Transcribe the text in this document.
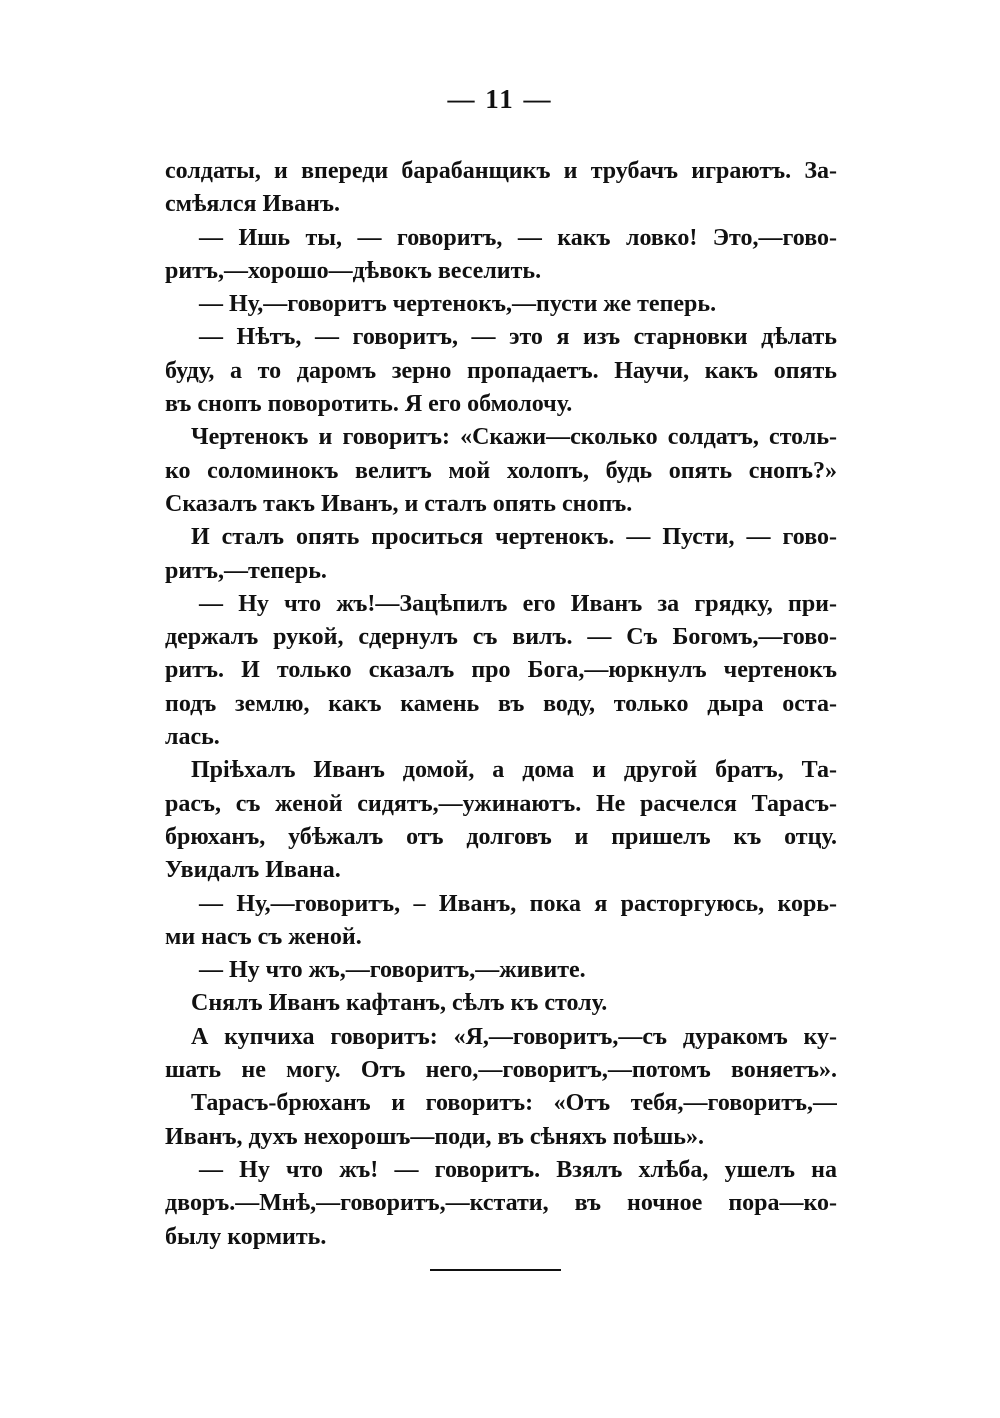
— 11 —
солдаты, и впереди барабанщикъ и трубачъ играютъ. За-
смѣялся Иванъ.
— Ишь ты, — говоритъ, — какъ ловко! Это,—гово-
ритъ,—хорошо—дѣвокъ веселить.
— Ну,—говоритъ чертенокъ,—пусти же теперь.
— Нѣтъ, — говоритъ, — это я изъ старновки дѣлать
буду, а то даромъ зерно пропадаетъ. Научи, какъ опять
въ снопъ поворотить. Я его обмолочу.
Чертенокъ и говоритъ: «Скажи—сколько солдатъ, столь-
ко соломинокъ велитъ мой холопъ, будь опять снопъ?»
Сказалъ такъ Иванъ, и сталъ опять снопъ.
И сталъ опять проситься чертенокъ. — Пусти, — гово-
ритъ,—теперь.
— Ну что жъ!—Зацѣпилъ его Иванъ за грядку, при-
держалъ рукой, сдернулъ съ вилъ. — Съ Богомъ,—гово-
ритъ. И только сказалъ про Бога,—юркнулъ чертенокъ
подъ землю, какъ камень въ воду, только дыра оста-
лась.
Пріѣхалъ Иванъ домой, а дома и другой братъ, Та-
расъ, съ женой сидятъ,—ужинаютъ. Не расчелся Тарасъ-
брюханъ, убѣжалъ отъ долговъ и пришелъ къ отцу.
Увидалъ Ивана.
— Ну,—говоритъ, – Иванъ, пока я расторгуюсь, корь-
ми насъ съ женой.
— Ну что жъ,—говоритъ,—живите.
Снялъ Иванъ кафтанъ, сѣлъ къ столу.
А купчиха говоритъ: «Я,—говоритъ,—съ дуракомъ ку-
шать не могу. Отъ него,—говоритъ,—потомъ воняетъ».
Тарасъ-брюханъ и говоритъ: «Отъ тебя,—говоритъ,—
Иванъ, духъ нехорошъ—поди, въ сѣняхъ поѣшь».
— Ну что жъ! — говоритъ. Взялъ хлѣба, ушелъ на
дворъ.—Мнѣ,—говоритъ,—кстати, въ ночное пора—ко-
былу кормить.
